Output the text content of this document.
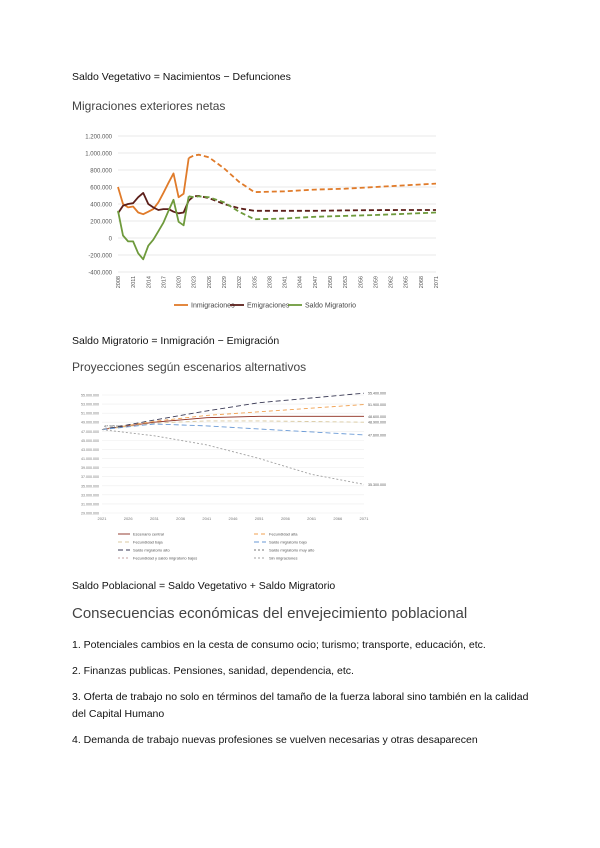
Saldo Vegetativo = Nacimientos − Defunciones
Migraciones exteriores netas
1.200.000
1.000.000
800.000
600.000
400.000
200.000
0
-200.000
-400.000
2008 2011 2014 2017 2020 2023 2026 2029 2032 2035 2038 2041 2044 2047 2050 2053 2056 2059 2062 2065 2068 2071
Inmigraciones Emigraciones Saldo Migratorio
Saldo Migratorio = Inmigración − Emigración
Proyecciones según escenarios alternativos
55.000.000
53.000.000
51.000.000
49.000.000
47.000.000
45.000.000
43.000.000
41.000.000
39.000.000
37.000.000
35.000.000
33.000.000
31.000.000
29.000.000
2021	2026	2031	2036	2041	2046	2051	2056	2061	2066	2071
48.600.000
51.900.000
48.900.000
55.400.000
47.600.000
35.300.000
47.385.000
Escenario central	Fecundidad alta
Fecundidad baja	Saldo migratorio bajo
Saldo migratorio alto	Saldo migratorio muy alto
Fecundidad y saldo migratorio bajos	Sin migraciones
Saldo Poblacional = Saldo Vegetativo + Saldo Migratorio
Consecuencias económicas del envejecimiento poblacional
1. Potenciales cambios en la cesta de consumo ocio; turismo; transporte, educación, etc.
2. Finanzas publicas. Pensiones, sanidad, dependencia, etc.
3. Oferta de trabajo no solo en términos del tamaño de la fuerza laboral sino también en la calidad del Capital Humano
4. Demanda de trabajo nuevas profesiones se vuelven necesarias y otras desaparecen
